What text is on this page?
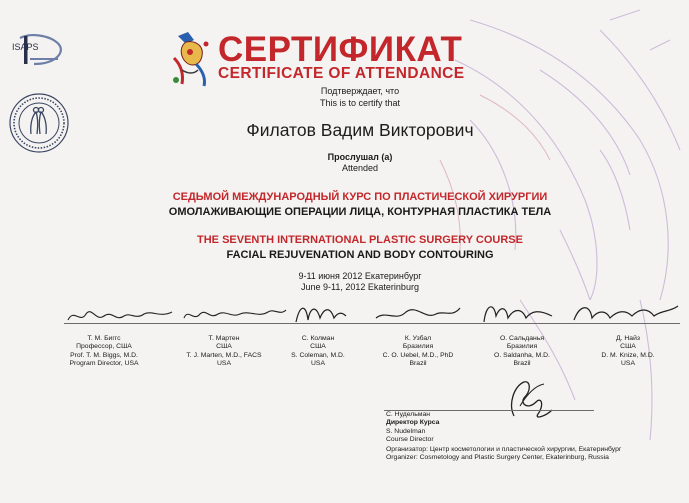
ISAPS	СЕРТИФИКАТ
CERTIFICATE OF ATTENDANCE
Подтверждает, что
This is to certify that
Филатов Вадим Викторович
Прослушал (а)
Attended
СЕДЬМОЙ МЕЖДУНАРОДНЫЙ КУРС ПО ПЛАСТИЧЕСКОЙ ХИРУРГИИ
ОМОЛАЖИВАЮЩИЕ ОПЕРАЦИИ ЛИЦА, КОНТУРНАЯ ПЛАСТИКА ТЕЛА
THE SEVENTH INTERNATIONAL PLASTIC SURGERY COURSE
FACIAL REJUVENATION AND BODY CONTOURING
9-11 июня 2012 Екатеринбург
June 9-11, 2012 Ekaterinburg
Т. М. Биггс
Профессор, США
Prof. T. M. Biggs, M.D.
Program Director, USA
Т. Мартен
США
T. J. Marten, M.D., FACS
USA
С. Колман
США
S. Coleman, M.D.
USA
К. Узбал
Бразилия
C. O. Uebel, M.D., PhD
Brazil
О. Сальданья
Бразилия
O. Saldanha, M.D.
Brazil
Д. Найз
США
D. M. Knize, M.D.
USA
С. Нудельман
Директор Курса
S. Nudelman
Course Director
Организатор: Центр косметологии и пластической хирургии, Екатеринбург
Organizer: Cosmetology and Plastic Surgery Center, Ekaterinburg, Russia
